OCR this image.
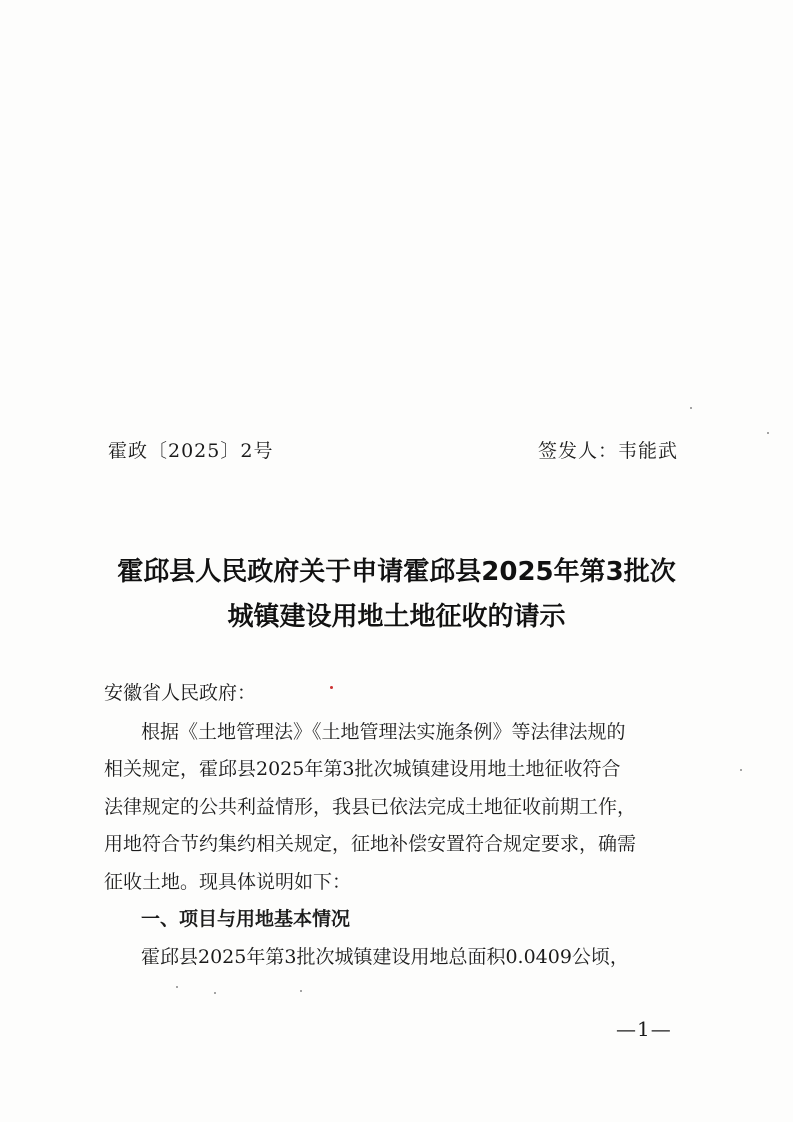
霍政〔2025〕2号	签发人：韦能武
霍邱县人民政府关于申请霍邱县2025年第3批次
城镇建设用地土地征收的请示
安徽省人民政府：
根据《土地管理法》《土地管理法实施条例》等法律法规的
相关规定，霍邱县2025年第3批次城镇建设用地土地征收符合
法律规定的公共利益情形，我县已依法完成土地征收前期工作，
用地符合节约集约相关规定，征地补偿安置符合规定要求，确需
征收土地。现具体说明如下：
一、项目与用地基本情况
霍邱县2025年第3批次城镇建设用地总面积0.0409公顷，
—1—
